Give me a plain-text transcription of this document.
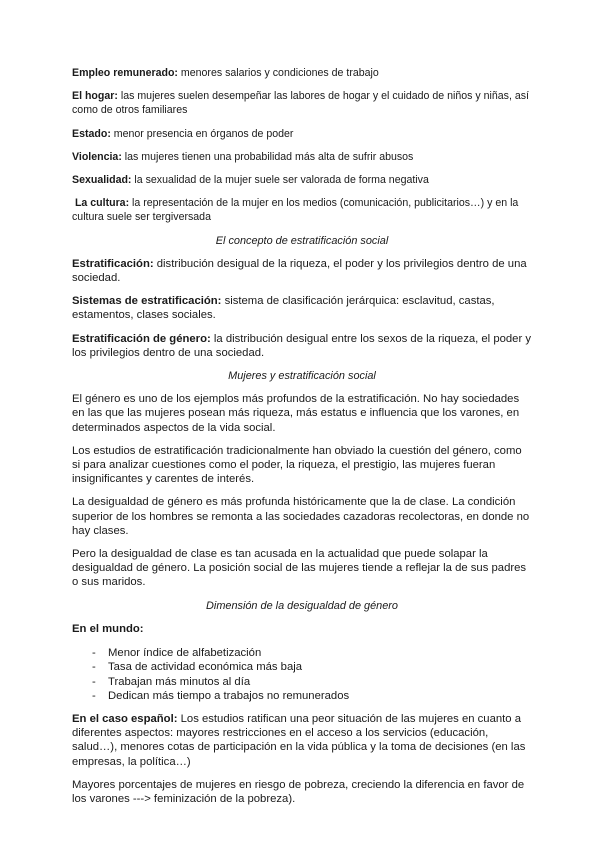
Empleo remunerado: menores salarios y condiciones de trabajo

El hogar: las mujeres suelen desempeñar las labores de hogar y el cuidado de niños y niñas, así como de otros familiares

Estado: menor presencia en órganos de poder

Violencia: las mujeres tienen una probabilidad más alta de sufrir abusos

Sexualidad: la sexualidad de la mujer suele ser valorada de forma negativa

La cultura: la representación de la mujer en los medios (comunicación, publicitarios…) y en la cultura suele ser tergiversada

El concepto de estratificación social

Estratificación: distribución desigual de la riqueza, el poder y los privilegios dentro de una sociedad.

Sistemas de estratificación: sistema de clasificación jerárquica: esclavitud, castas, estamentos, clases sociales.

Estratificación de género: la distribución desigual entre los sexos de la riqueza, el poder y los privilegios dentro de una sociedad.

Mujeres y estratificación social

El género es uno de los ejemplos más profundos de la estratificación. No hay sociedades en las que las mujeres posean más riqueza, más estatus e influencia que los varones, en determinados aspectos de la vida social.

Los estudios de estratificación tradicionalmente han obviado la cuestión del género, como si para analizar cuestiones como el poder, la riqueza, el prestigio, las mujeres fueran insignificantes y carentes de interés.

La desigualdad de género es más profunda históricamente que la de clase. La condición superior de los hombres se remonta a las sociedades cazadoras recolectoras, en donde no hay clases.

Pero la desigualdad de clase es tan acusada en la actualidad que puede solapar la desigualdad de género. La posición social de las mujeres tiende a reflejar la de sus padres o sus maridos.

Dimensión de la desigualdad de género
En el mundo:
- Menor índice de alfabetización
- Tasa de actividad económica más baja
- Trabajan más minutos al día
- Dedican más tiempo a trabajos no remunerados

En el caso español: Los estudios ratifican una peor situación de las mujeres en cuanto a diferentes aspectos: mayores restricciones en el acceso a los servicios (educación, salud…), menores cotas de participación en la vida pública y la toma de decisiones (en las empresas, la política…)

Mayores porcentajes de mujeres en riesgo de pobreza, creciendo la diferencia en favor de los varones ---> feminización de la pobreza).
